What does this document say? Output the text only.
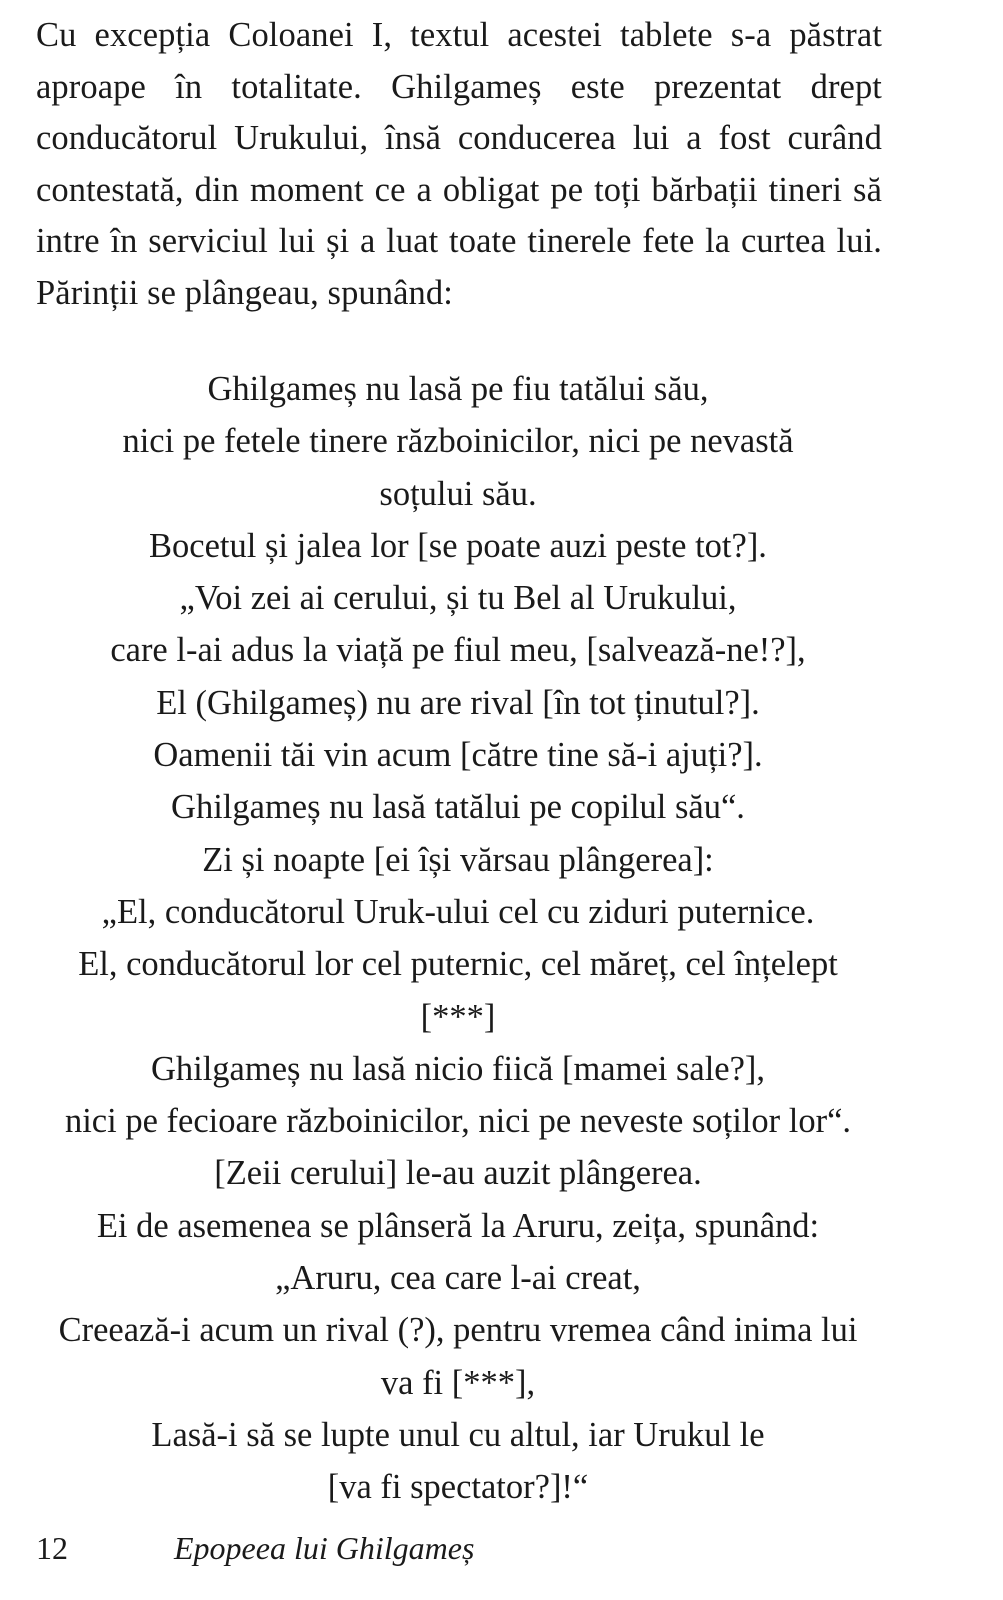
Cu excepția Coloanei I, textul acestei tablete s-a păstrat
aproape în totalitate. Ghilgameș este prezentat drept
conducătorul Urukului, însă conducerea lui a fost curând
contestată, din moment ce a obligat pe toți bărbații tineri să
intre în serviciul lui și a luat toate tinerele fete la curtea lui.
Părinții se plângeau, spunând:
Ghilgameș nu lasă pe fiu tatălui său,
nici pe fetele tinere războinicilor, nici pe nevastă
soțului său.
Bocetul și jalea lor [se poate auzi peste tot?].
„Voi zei ai cerului, și tu Bel al Urukului,
care l-ai adus la viață pe fiul meu, [salvează-ne!?],
El (Ghilgameș) nu are rival [în tot ținutul?].
Oamenii tăi vin acum [către tine să-i ajuți?].
Ghilgameș nu lasă tatălui pe copilul său“.
Zi și noapte [ei își vărsau plângerea]:
„El, conducătorul Uruk-ului cel cu ziduri puternice.
El, conducătorul lor cel puternic, cel măreț, cel înțelept
[***]
Ghilgameș nu lasă nicio fiică [mamei sale?],
nici pe fecioare războinicilor, nici pe neveste soților lor“.
[Zeii cerului] le-au auzit plângerea.
Ei de asemenea se plânseră la Aruru, zeița, spunând:
„Aruru, cea care l-ai creat,
Creează-i acum un rival (?), pentru vremea când inima lui
va fi [***],
Lasă-i să se lupte unul cu altul, iar Urukul le
[va fi spectator?]!“
12	Epopeea lui Ghilgameș
